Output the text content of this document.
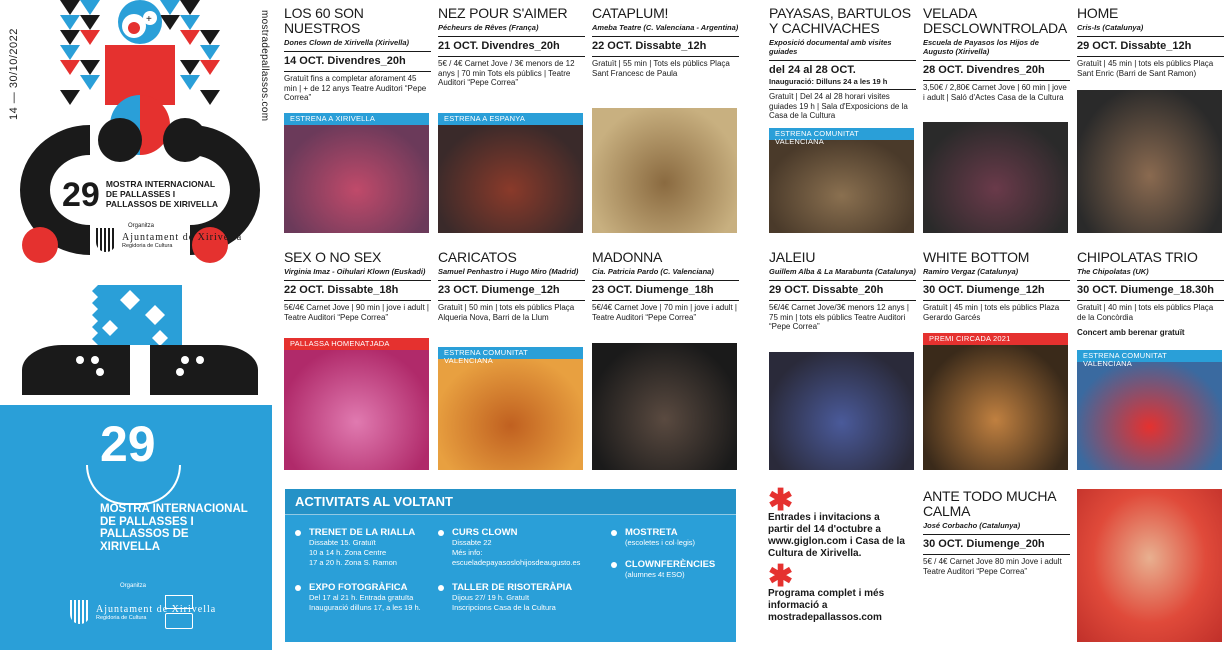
+
14 — 30/10/2022	mostradepallassos.com
29 MOSTRA INTERNACIONAL DE PALLASSES I PALLASSOS DE XIRIVELLA
Organitza
Ajuntament de Xirivella
Regidoria de Cultura
29
MOSTRA INTERNACIONAL DE PALLASSES I PALLASSOS DE XIRIVELLA
Organitza
Ajuntament de Xirivella
Regidoria de Cultura
LOS 60 SON NUESTROS
Dones Clown de Xirivella (Xirivella)
14 OCT. Divendres_20h
Gratuït fins a completar aforament 45 min | + de 12 anys Teatre Auditori “Pepe Correa”
ESTRENA A XIRIVELLA
NEZ POUR S'AIMER
Pécheurs de Rêves (França)
21 OCT. Divendres_20h
5€ / 4€ Carnet Jove / 3€ menors de 12 anys | 70 min Tots els públics | Teatre Auditori “Pepe Correa”
ESTRENA A ESPANYA
CATAPLUM!
Ameba Teatre (C. Valenciana - Argentina)
22 OCT. Dissabte_12h
Gratuït | 55 min | Tots els públics Plaça Sant Francesc de Paula
PAYASAS, BARTULOS Y CACHIVACHES
Exposició documental amb visites guiades
del 24 al 28 OCT.
Inauguració: Dilluns 24 a les 19 h
Gratuït | Del 24 al 28 horari visites guiades 19 h | Sala d'Exposicions de la Casa de la Cultura
ESTRENA COMUNITAT VALENCIANA
VELADA DESCLOWNTROLADA
Escuela de Payasos los Hijos de Augusto (Xirivella)
28 OCT. Divendres_20h
3,50€ / 2,80€ Carnet Jove | 60 min | jove i adult | Saló d'Actes Casa de la Cultura
HOME
Cris-Is (Catalunya)
29 OCT. Dissabte_12h
Gratuït | 45 min | tots els públics Plaça Sant Enric (Barri de Sant Ramon)
SEX O NO SEX
Virginia Imaz - Oihulari Klown (Euskadi)
22 OCT. Dissabte_18h
5€/4€ Carnet Jove | 90 min | jove i adult | Teatre Auditori “Pepe Correa”
PALLASSA HOMENATJADA
CARICATOS
Samuel Penhastro i Hugo Miro (Madrid)
23 OCT. Diumenge_12h
Gratuït | 50 min | tots els públics Plaça Alqueria Nova, Barri de la Llum
ESTRENA COMUNITAT VALENCIANA
MADONNA
Cia. Patricia Pardo (C. Valenciana)
23 OCT. Diumenge_18h
5€/4€ Carnet Jove | 70 min | jove i adult | Teatre Auditori “Pepe Correa”
JALEIU
Guillem Alba & La Marabunta (Catalunya)
29 OCT. Dissabte_20h
5€/4€ Carnet Jove/3€ menors 12 anys | 75 min | tots els públics Teatre Auditori “Pepe Correa”
WHITE BOTTOM
Ramiro Vergaz (Catalunya)
30 OCT. Diumenge_12h
Gratuït | 45 min | tots els públics Plaza Gerardo Garcés
PREMI CIRCADA 2021
CHIPOLATAS TRIO
The Chipolatas (UK)
30 OCT. Diumenge_18.30h
Gratuït | 40 min | tots els públics Plaça de la Concòrdia
Concert amb berenar gratuït
ESTRENA COMUNITAT VALENCIANA
ANTE TODO MUCHA CALMA
José Corbacho (Catalunya)
30 OCT. Diumenge_20h
5€ / 4€ Carnet Jove 80 min Jove i adult Teatre Auditori “Pepe Correa”
ACTIVITATS AL VOLTANT
TRENET DE LA RIALLA
Dissabte 15. Gratuït
10 a 14 h. Zona Centre
17 a 20 h. Zona S. Ramon
EXPO FOTOGRÀFICA
Del 17 al 21 h. Entrada gratuïta
Inauguració dilluns 17, a les 19 h.
CURS CLOWN
Dissabte 22
Més info:
escueladepayasoslohijosdeaugusto.es
TALLER DE RISOTERÀPIA
Dijous 27/ 19 h. Gratuït
Inscripcions Casa de la Cultura
MOSTRETA
(escoletes i col·legis)
CLOWNFERÈNCIES
(alumnes 4t ESO)
✱
Entrades i invitacions a partir del 14 d'octubre a www.giglon.com i Casa de la Cultura de Xirivella.
✱
Programa complet i més informació a mostradepallassos.com
